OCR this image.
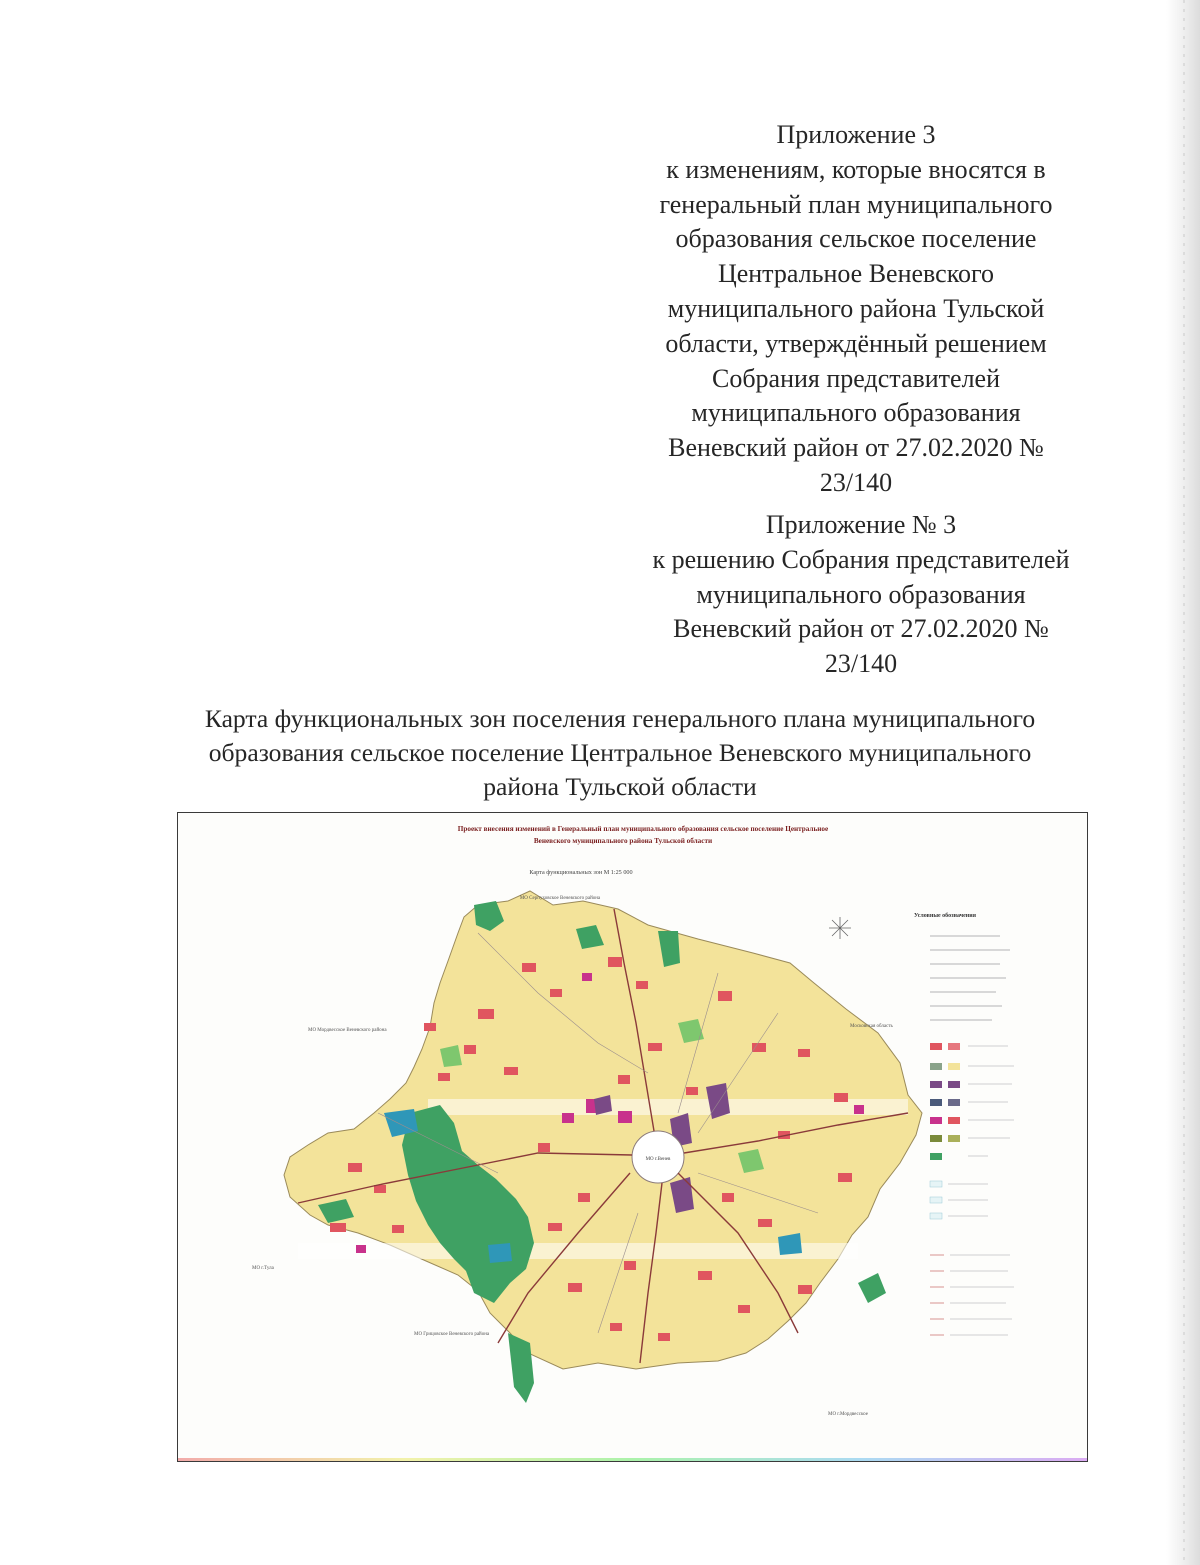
Приложение 3
к изменениям, которые вносятся в
генеральный план муниципального
образования сельское поселение
Центральное Веневского
муниципального района Тульской
области, утверждённый решением
Собрания представителей
муниципального образования
Веневский район от 27.02.2020 №
23/140
Приложение № 3
к решению Собрания представителей
муниципального образования
Веневский район от 27.02.2020 №
23/140
Карта функциональных зон поселения генерального плана муниципального
образования сельское поселение Центральное Веневского муниципального
района Тульской области
Проект внесения изменений в Генеральный план муниципального образования сельское поселение Центральное
Веневского муниципального района Тульской области
Карта функциональных зон М 1:25 000
МО г.Венев
МО Серпуховское Веневского района
МО Мордвесское Веневского района
Московская область
МО г.Тула
МО Грицовское Веневского района
МО г.Мордвесское
Условные обозначения
